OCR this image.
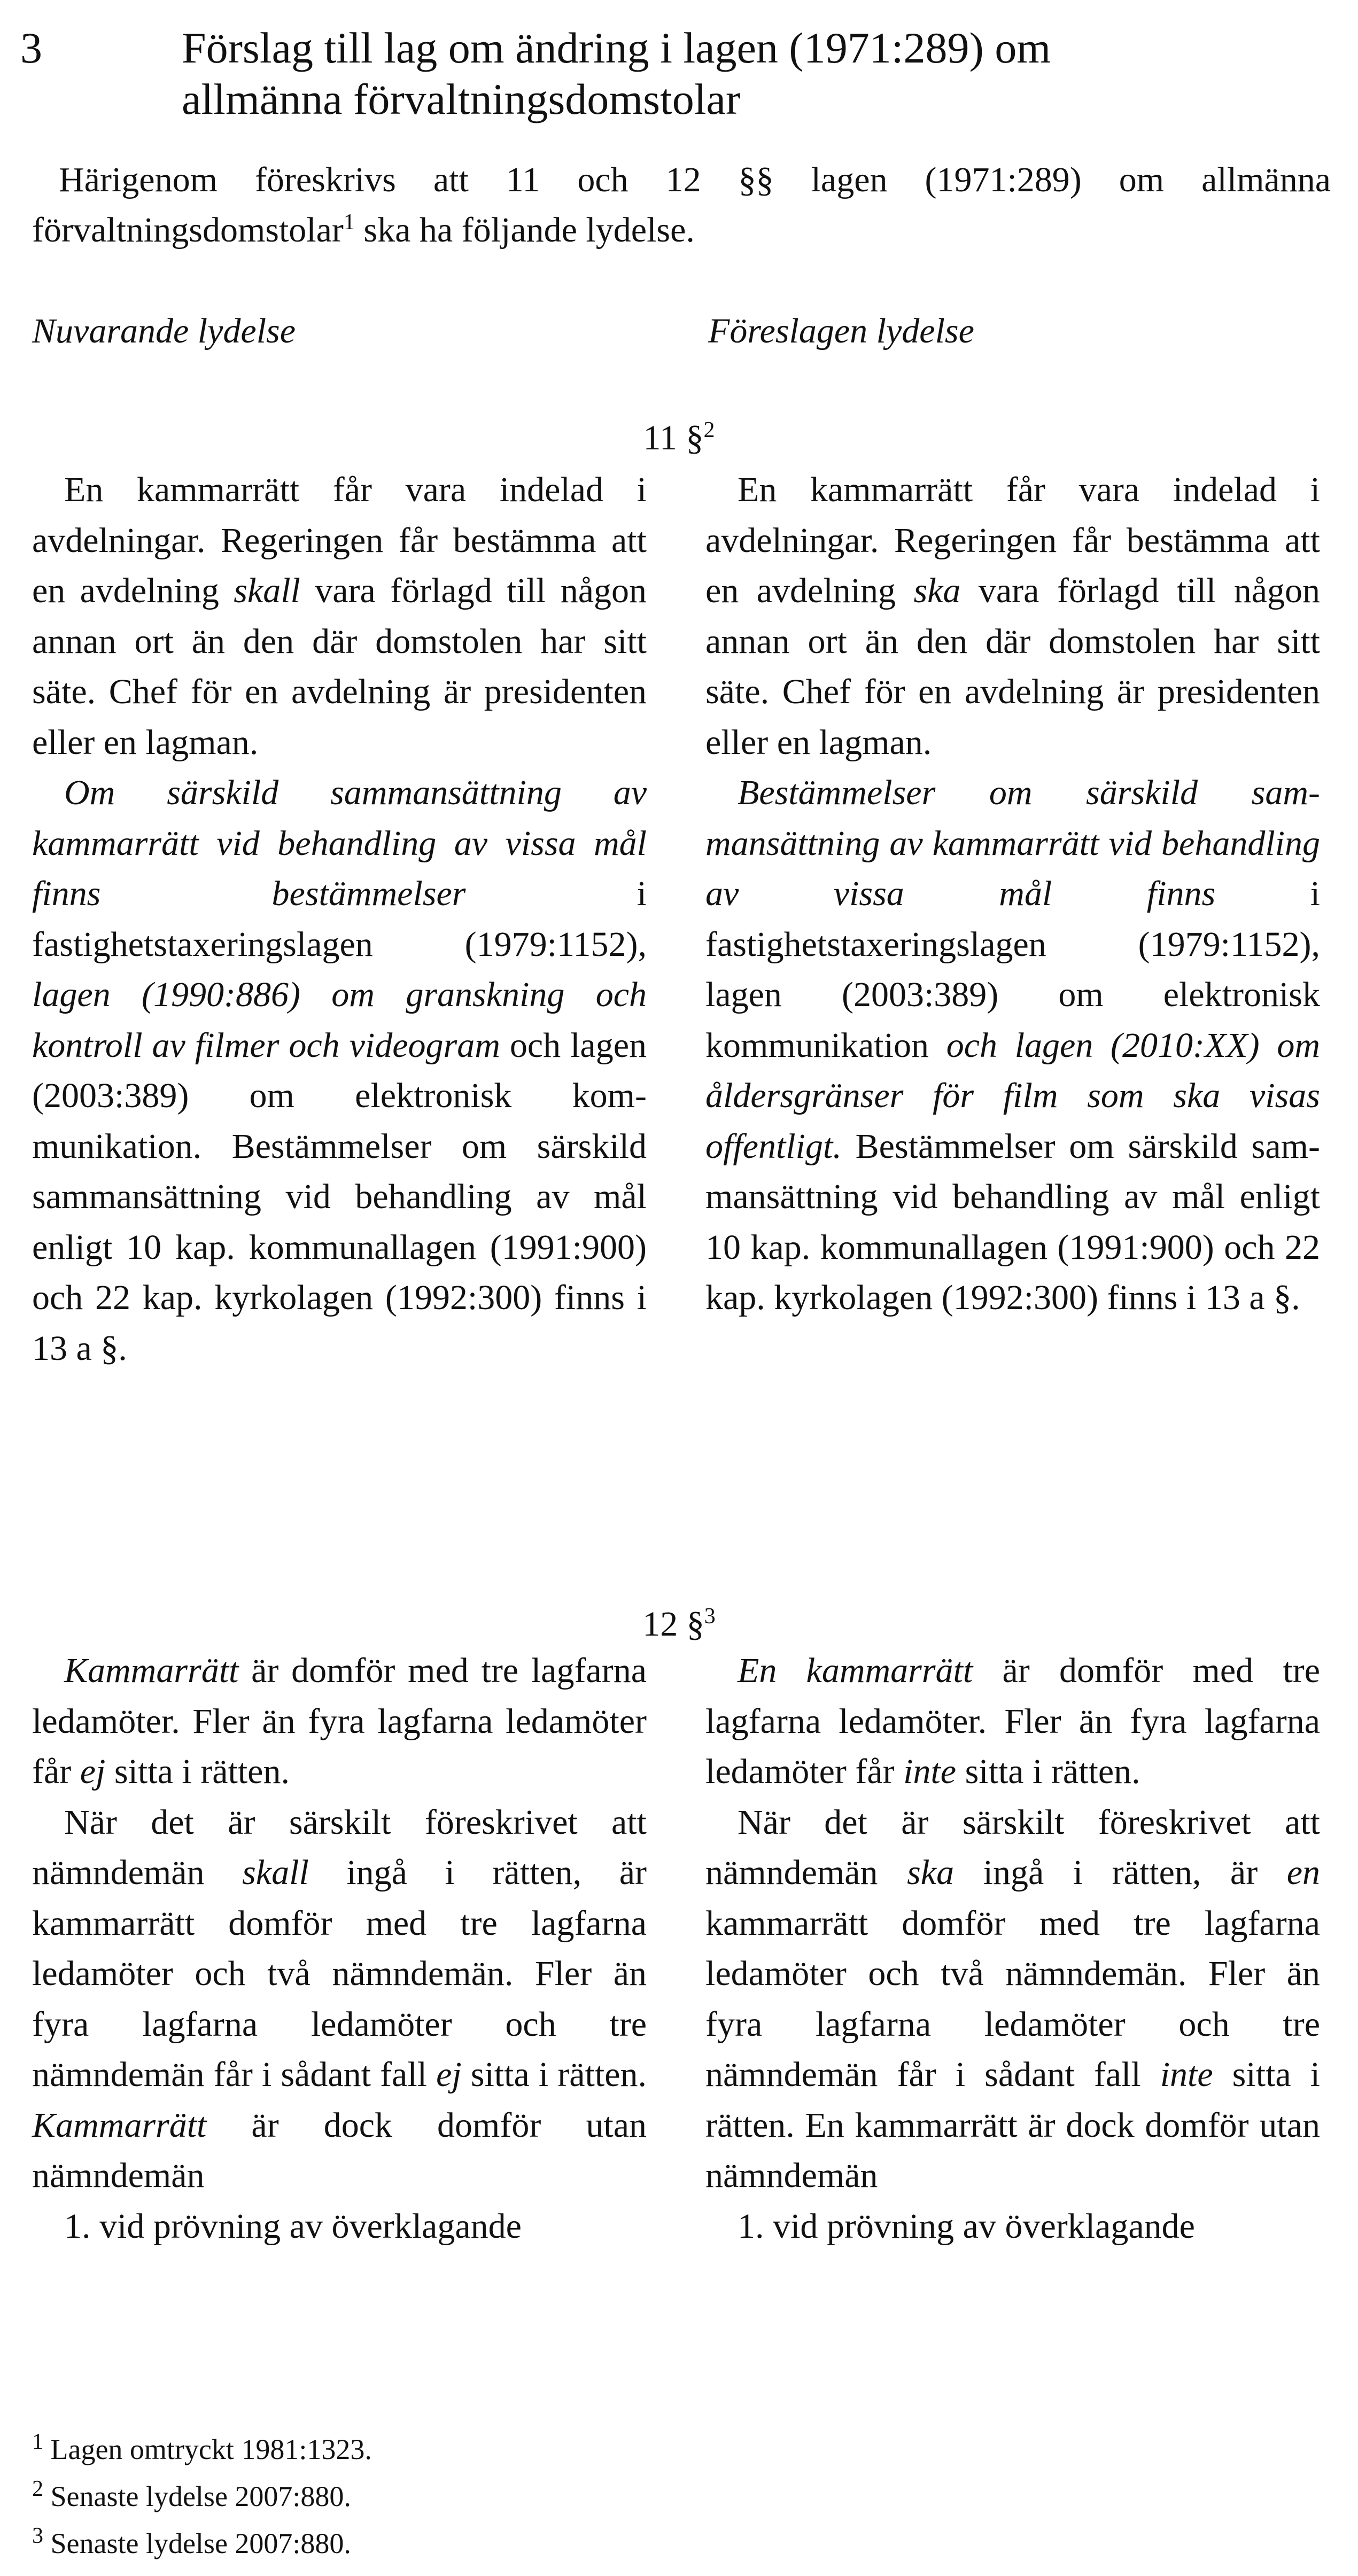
3	Förslag till lag om ändring i lagen (1971:289) om
allmänna förvaltningsdomstolar
Härigenom föreskrivs att 11 och 12 §§ lagen (1971:289) om allmänna förvaltningsdomstolar$^1$ ska ha följande lydelse.
Nuvarande lydelse	Föreslagen lydelse
11 §$^2$

En kammarrätt får vara indelad i avdelningar. Regeringen får bestämma att en avdelning skall vara förlagd till någon annan ort än den där domstolen har sitt säte. Chef för en avdelning är presidenten eller en lagman.

Om särskild sammansättning av kammarrätt vid behandling av vissa mål finns bestämmelser i fastighetstaxeringslagen (1979:1152), lagen (1990:886) om granskning och kontroll av filmer och videogram och lagen (2003:389) om elektronisk kommunikation. Bestämmelser om särskild sammansättning vid behandling av mål enligt 10 kap. kommunallagen (1991:900) och 22 kap. kyrkolagen (1992:300) finns i 13 a §.

En kammarrätt får vara indelad i avdelningar. Regeringen får bestämma att en avdelning ska vara förlagd till någon annan ort än den där domstolen har sitt säte. Chef för en avdelning är presidenten eller en lagman.

Bestämmelser om särskild sammansättning av kammarrätt vid behandling av vissa mål finns i fastighetstaxeringslagen (1979:1152), lagen (2003:389) om elektronisk kommunikation och lagen (2010:XX) om åldersgränser för film som ska visas offentligt. Bestämmelser om särskild sammansättning vid behandling av mål enligt 10 kap. kommunallagen (1991:900) och 22 kap. kyrkolagen (1992:300) finns i 13 a §.

12 §$^3$

Kammarrätt är domför med tre lagfarna ledamöter. Fler än fyra lagfarna ledamöter får ej sitta i rätten.

När det är särskilt föreskrivet att nämndemän skall ingå i rätten, är kammarrätt domför med tre lagfarna ledamöter och två nämndemän. Fler än fyra lagfarna ledamöter och tre nämndemän får i sådant fall ej sitta i rätten. Kammarrätt är dock domför utan nämndemän

1. vid prövning av överklagande

En kammarrätt är domför med tre lagfarna ledamöter. Fler än fyra lagfarna ledamöter får inte sitta i rätten.

När det är särskilt föreskrivet att nämndemän ska ingå i rätten, är en kammarrätt domför med tre lagfarna ledamöter och två nämndemän. Fler än fyra lagfarna ledamöter och tre nämndemän får i sådant fall inte sitta i rätten. En kammarrätt är dock domför utan nämndemän

1. vid prövning av överklagande

$^1$ Lagen omtryckt 1981:1323.
$^2$ Senaste lydelse 2007:880.
$^3$ Senaste lydelse 2007:880.
